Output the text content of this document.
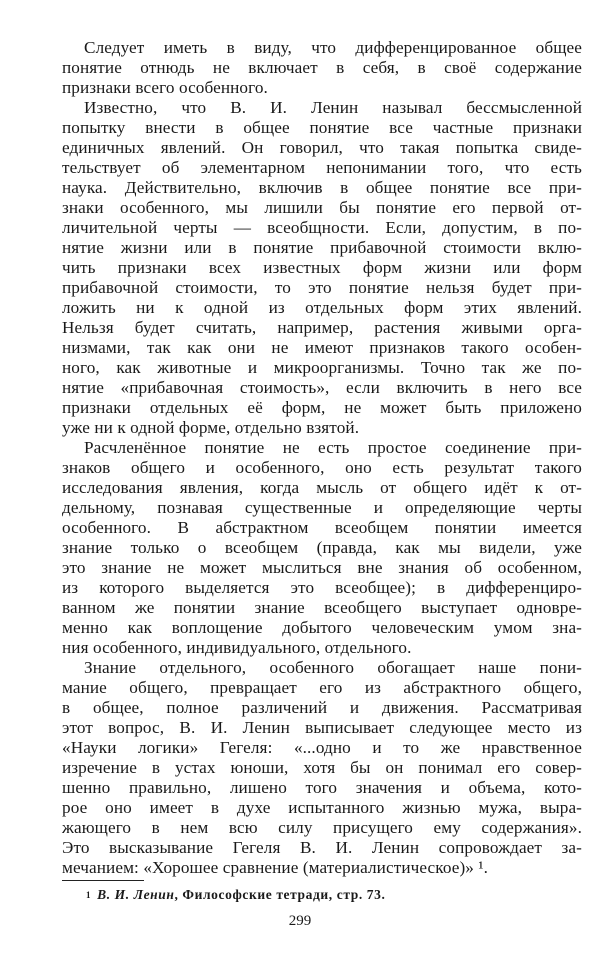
Следует иметь в виду, что дифференцированное общее
понятие отнюдь не включает в себя, в своё содержание
признаки всего особенного.
Известно, что В. И. Ленин называл бессмысленной
попытку внести в общее понятие все частные признаки
единичных явлений. Он говорил, что такая попытка свиде-
тельствует об элементарном непонимании того, что есть
наука. Действительно, включив в общее понятие все при-
знаки особенного, мы лишили бы понятие его первой от-
личительной черты — всеобщности. Если, допустим, в по-
нятие жизни или в понятие прибавочной стоимости вклю-
чить признаки всех известных форм жизни или форм
прибавочной стоимости, то это понятие нельзя будет при-
ложить ни к одной из отдельных форм этих явлений.
Нельзя будет считать, например, растения живыми орга-
низмами, так как они не имеют признаков такого особен-
ного, как животные и микроорганизмы. Точно так же по-
нятие «прибавочная стоимость», если включить в него все
признаки отдельных её форм, не может быть приложено
уже ни к одной форме, отдельно взятой.
Расчленённое понятие не есть простое соединение при-
знаков общего и особенного, оно есть результат такого
исследования явления, когда мысль от общего идёт к от-
дельному, познавая существенные и определяющие черты
особенного. В абстрактном всеобщем понятии имеется
знание только о всеобщем (правда, как мы видели, уже
это знание не может мыслиться вне знания об особенном,
из которого выделяется это всеобщее); в дифференциро-
ванном же понятии знание всеобщего выступает одновре-
менно как воплощение добытого человеческим умом зна-
ния особенного, индивидуального, отдельного.
Знание отдельного, особенного обогащает наше пони-
мание общего, превращает его из абстрактного общего,
в общее, полное различений и движения. Рассматривая
этот вопрос, В. И. Ленин выписывает следующее место из
«Науки логики» Гегеля: «...одно и то же нравственное
изречение в устах юноши, хотя бы он понимал его совер-
шенно правильно, лишено того значения и объема, кото-
рое оно имеет в духе испытанного жизнью мужа, выра-
жающего в нем всю силу присущего ему содержания».
Это высказывание Гегеля В. И. Ленин сопровождает за-
мечанием: «Хорошее сравнение (материалистическое)» ¹.
$^1$ В. И. Ленин, Философские тетради, стр. 73.
299
